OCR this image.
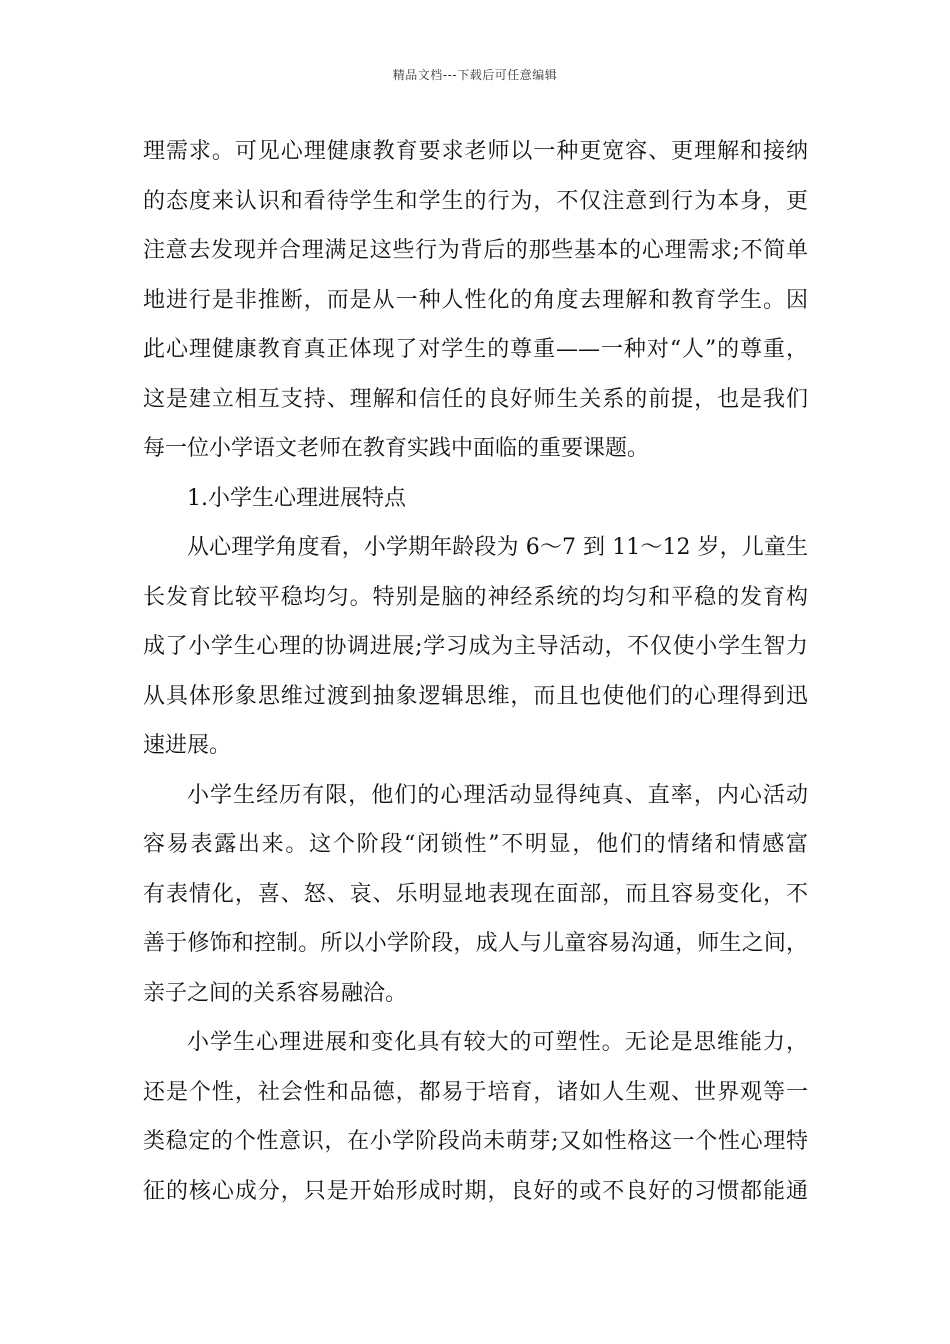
精品文档---下载后可任意编辑
理需求。可见心理健康教育要求老师以一种更宽容、更理解和接纳
的态度来认识和看待学生和学生的行为，不仅注意到行为本身，更
注意去发现并合理满足这些行为背后的那些基本的心理需求;不简单
地进行是非推断，而是从一种人性化的角度去理解和教育学生。因
此心理健康教育真正体现了对学生的尊重——一种对“人”的尊重，
这是建立相互支持、理解和信任的良好师生关系的前提，也是我们
每一位小学语文老师在教育实践中面临的重要课题。
1.小学生心理进展特点
从心理学角度看，小学期年龄段为 6～7 到 11～12 岁，儿童生
长发育比较平稳均匀。特别是脑的神经系统的均匀和平稳的发育构
成了小学生心理的协调进展;学习成为主导活动，不仅使小学生智力
从具体形象思维过渡到抽象逻辑思维，而且也使他们的心理得到迅
速进展。
小学生经历有限，他们的心理活动显得纯真、直率，内心活动
容易表露出来。这个阶段“闭锁性”不明显，他们的情绪和情感富
有表情化，喜、怒、哀、乐明显地表现在面部，而且容易变化，不
善于修饰和控制。所以小学阶段，成人与儿童容易沟通，师生之间，
亲子之间的关系容易融洽。
小学生心理进展和变化具有较大的可塑性。无论是思维能力，
还是个性，社会性和品德，都易于培育，诸如人生观、世界观等一
类稳定的个性意识，在小学阶段尚未萌芽;又如性格这一个性心理特
征的核心成分，只是开始形成时期，良好的或不良好的习惯都能通
